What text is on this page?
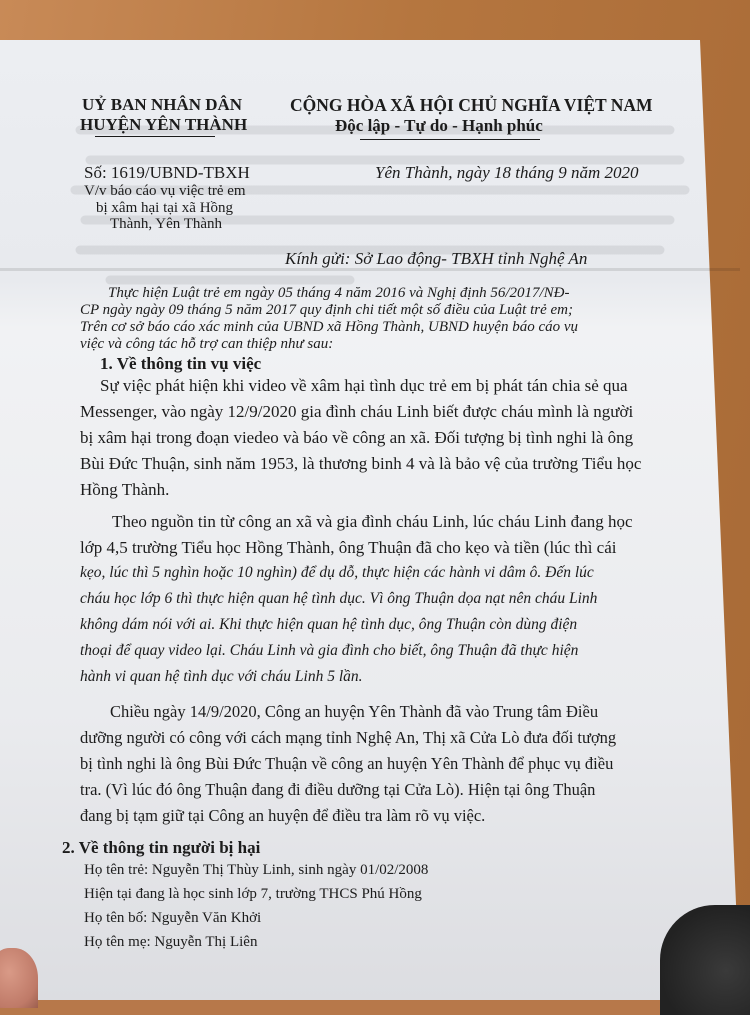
UỶ BAN NHÂN DÂN

HUYỆN YÊN THÀNH

CỘNG HÒA XÃ HỘI CHỦ NGHĨA VIỆT NAM

Độc lập - Tự do - Hạnh phúc

Số: 1619/UBND-TBXH	Yên Thành, ngày 18 tháng 9 năm 2020

V/v báo cáo vụ việc trẻ em

bị xâm hại tại xã Hồng

Thành, Yên Thành

Kính gửi: Sở Lao động- TBXH tỉnh Nghệ An

Thực hiện Luật trẻ em ngày 05 tháng 4 năm 2016 và Nghị định 56/2017/NĐ-

CP ngày ngày 09 tháng 5 năm 2017 quy định chi tiết một số điều của Luật trẻ em;

Trên cơ sở báo cáo xác minh của UBND xã Hồng Thành, UBND huyện báo cáo vụ

việc và công tác hỗ trợ can thiệp như sau:

1. Về thông tin vụ việc

Sự việc phát hiện khi video về xâm hại tình dục trẻ em bị phát tán chia sẻ qua

Messenger, vào ngày 12/9/2020 gia đình cháu Linh biết được cháu mình là người

bị xâm hại trong đoạn viedeo và báo về công an xã. Đối tượng bị tình nghi là ông

Bùi Đức Thuận, sinh năm 1953, là thương binh 4 và là bảo vệ của trường Tiểu học

Hồng Thành.

Theo nguồn tin từ công an xã và gia đình cháu Linh, lúc cháu Linh đang học

lớp 4,5 trường Tiểu học Hồng Thành, ông Thuận đã cho kẹo và tiền (lúc thì cái

kẹo, lúc thì 5 nghìn hoặc 10 nghìn) để dụ dỗ, thực hiện các hành vi dâm ô. Đến lúc

cháu học lớp 6 thì thực hiện quan hệ tình dục. Vì ông Thuận dọa nạt nên cháu Linh

không dám nói với ai. Khi thực hiện quan hệ tình dục, ông Thuận còn dùng điện

thoại để quay video lại. Cháu Linh và gia đình cho biết, ông Thuận đã thực hiện

hành vi quan hệ tình dục với cháu Linh 5 lần.

Chiều ngày 14/9/2020, Công an huyện Yên Thành đã vào Trung tâm Điều

dưỡng người có công với cách mạng tỉnh Nghệ An, Thị xã Cửa Lò đưa đối tượng

bị tình nghi là ông Bùi Đức Thuận về công an huyện Yên Thành để phục vụ điều

tra. (Vì lúc đó ông Thuận đang đi điều dưỡng tại Cửa Lò). Hiện tại ông Thuận

đang bị tạm giữ tại Công an huyện để điều tra làm rõ vụ việc.

2. Về thông tin người bị hại

Họ tên trẻ: Nguyễn Thị Thùy Linh, sinh ngày 01/02/2008

Hiện tại đang là học sinh lớp 7, trường THCS Phú Hồng

Họ tên bố: Nguyễn Văn Khởi

Họ tên mẹ: Nguyễn Thị Liên
